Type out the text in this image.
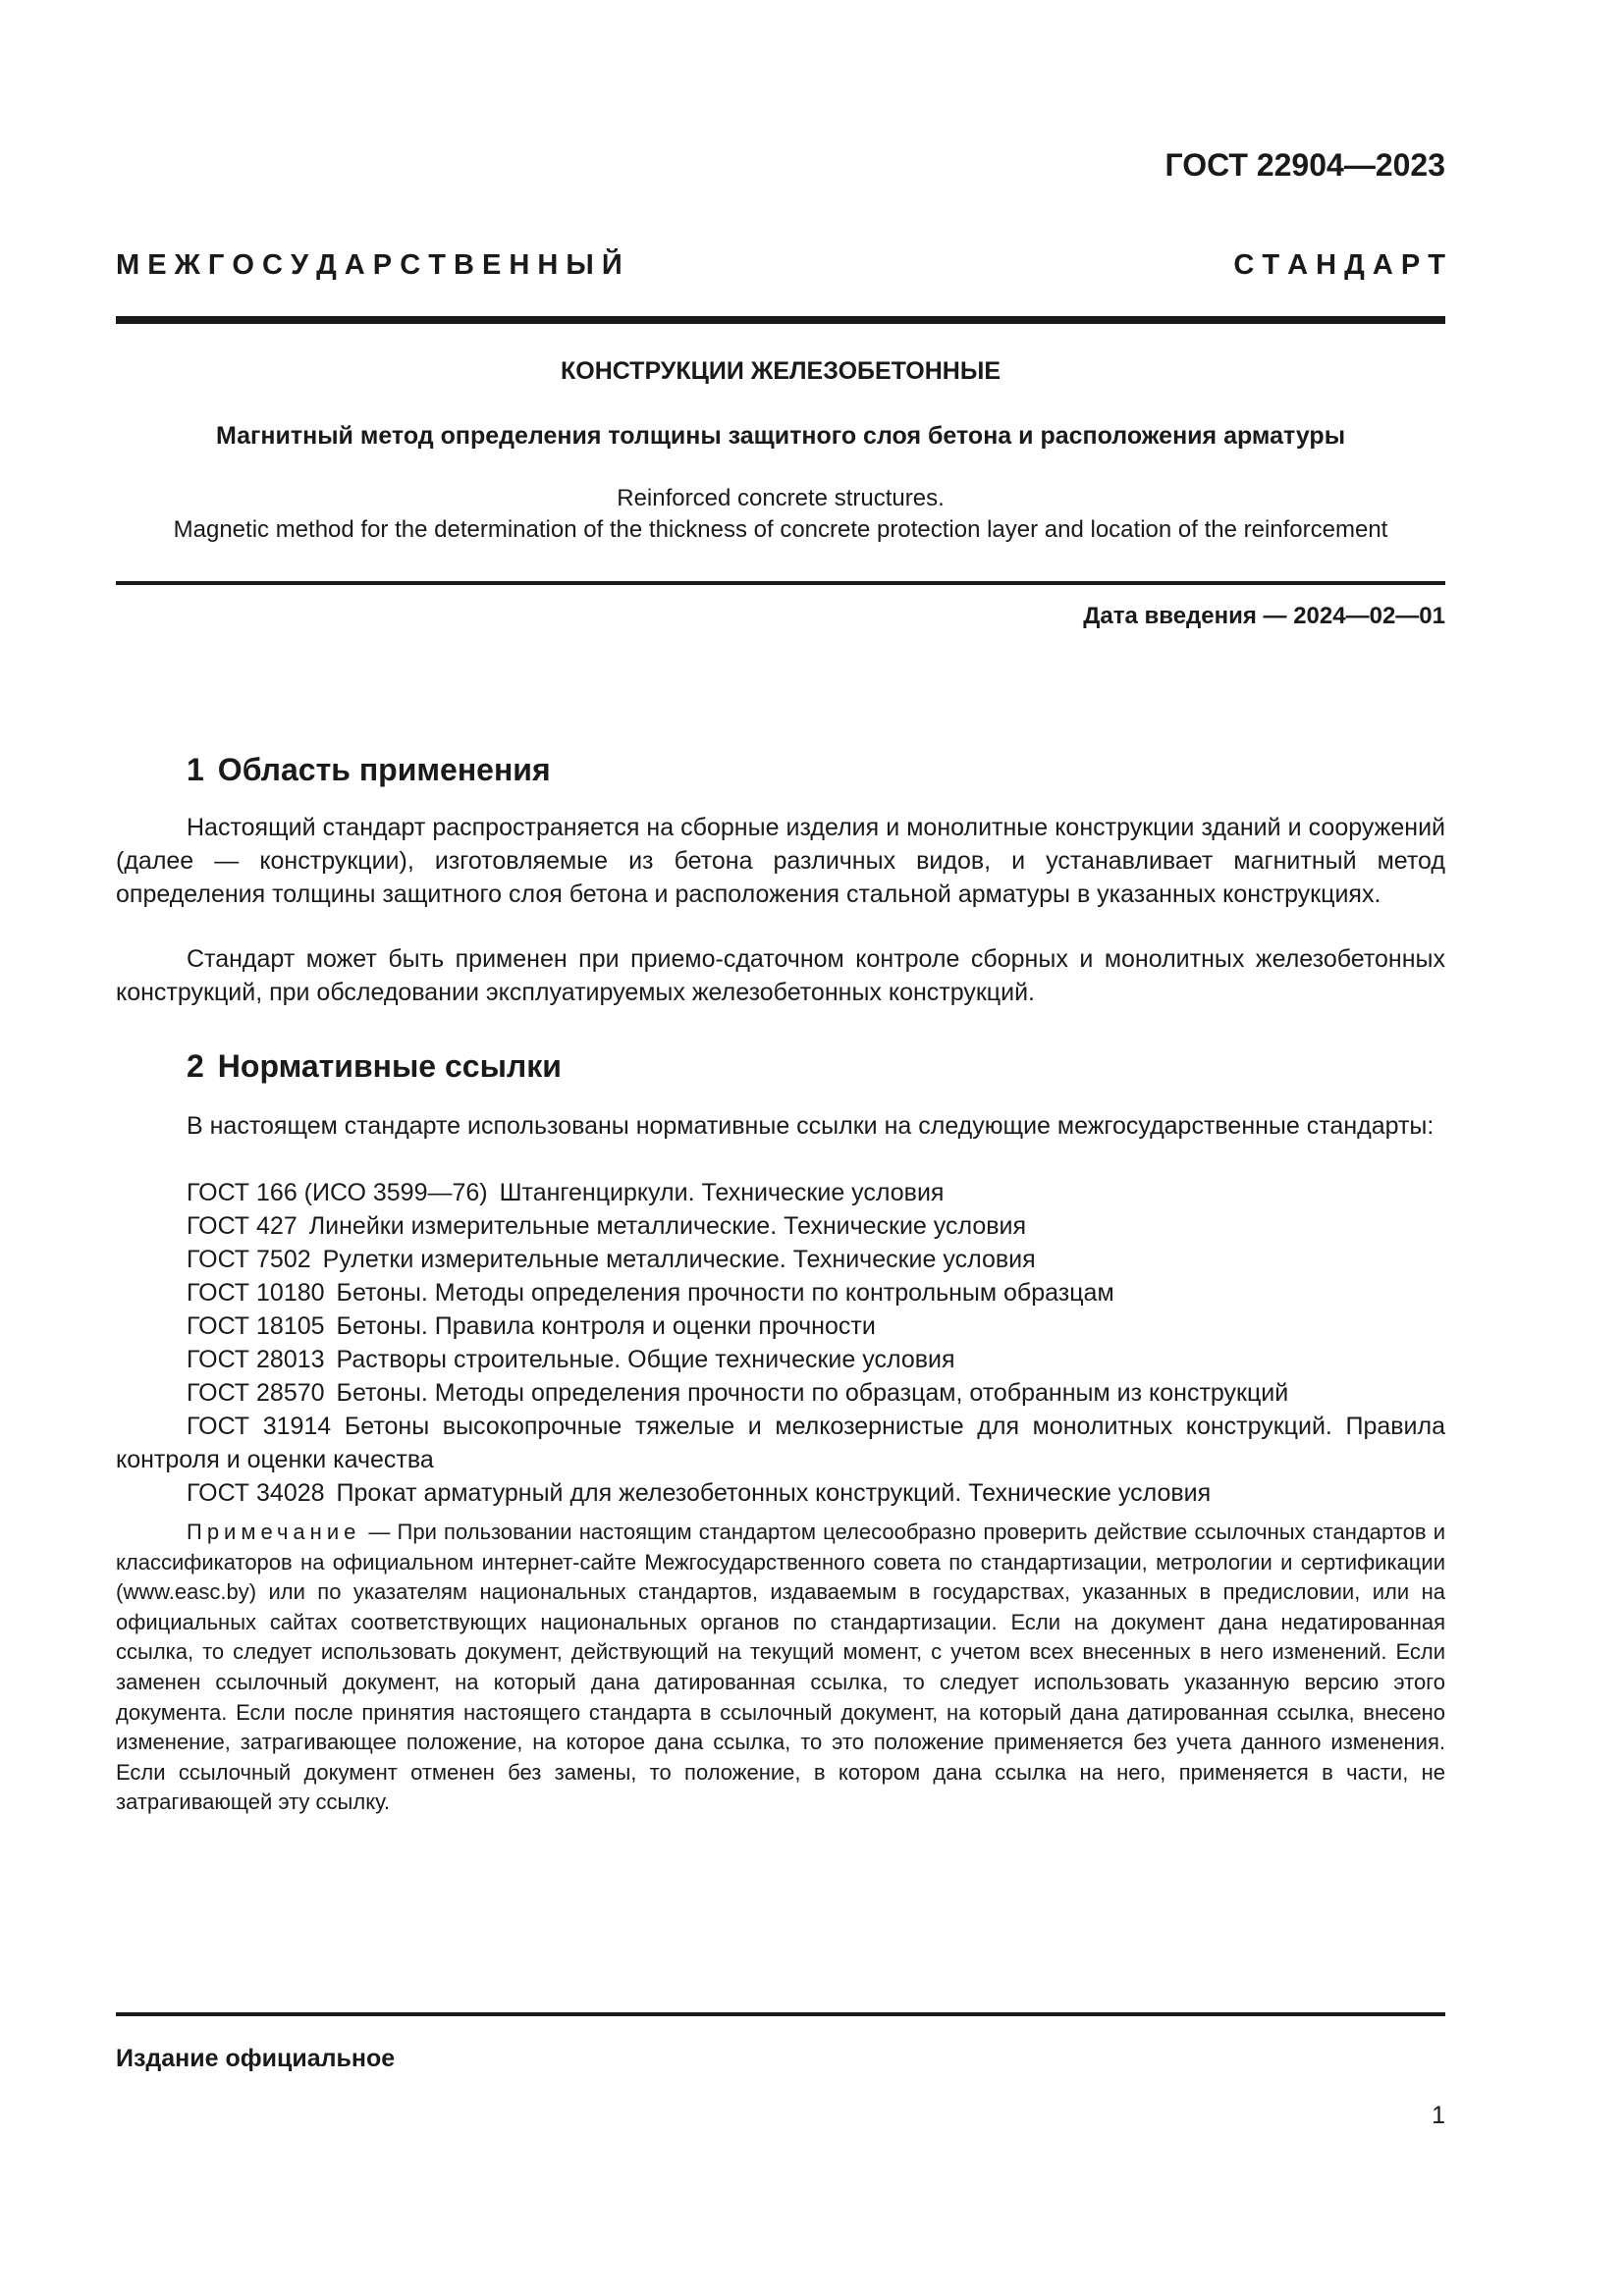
ГОСТ 22904—2023
М Е Ж Г О С У Д А Р С Т В Е Н Н Ы Й	С Т А Н Д А Р Т
КОНСТРУКЦИИ ЖЕЛЕЗОБЕТОННЫЕ
Магнитный метод определения толщины защитного слоя бетона и расположения арматуры
Reinforced concrete structures.
Magnetic method for the determination of the thickness of concrete protection layer and location of the reinforcement
Дата введения — 2024—02—01
1 Область применения
Настоящий стандарт распространяется на сборные изделия и монолитные конструкции зданий и сооружений (далее — конструкции), изготовляемые из бетона различных видов, и устанавливает магнитный метод определения толщины защитного слоя бетона и расположения стальной арматуры в указанных конструкциях.
Стандарт может быть применен при приемо-сдаточном контроле сборных и монолитных железобетонных конструкций, при обследовании эксплуатируемых железобетонных конструкций.
2 Нормативные ссылки
В настоящем стандарте использованы нормативные ссылки на следующие межгосударственные стандарты:
ГОСТ 166 (ИСО 3599—76) Штангенциркули. Технические условия
ГОСТ 427 Линейки измерительные металлические. Технические условия
ГОСТ 7502 Рулетки измерительные металлические. Технические условия
ГОСТ 10180 Бетоны. Методы определения прочности по контрольным образцам
ГОСТ 18105 Бетоны. Правила контроля и оценки прочности
ГОСТ 28013 Растворы строительные. Общие технические условия
ГОСТ 28570 Бетоны. Методы определения прочности по образцам, отобранным из конструкций
ГОСТ 31914 Бетоны высокопрочные тяжелые и мелкозернистые для монолитных конструкций. Правила контроля и оценки качества
ГОСТ 34028 Прокат арматурный для железобетонных конструкций. Технические условия
Примечание — При пользовании настоящим стандартом целесообразно проверить действие ссылочных стандартов и классификаторов на официальном интернет-сайте Межгосударственного совета по стандартизации, метрологии и сертификации (www.easc.by) или по указателям национальных стандартов, издаваемым в государствах, указанных в предисловии, или на официальных сайтах соответствующих национальных органов по стандартизации. Если на документ дана недатированная ссылка, то следует использовать документ, действующий на текущий момент, с учетом всех внесенных в него изменений. Если заменен ссылочный документ, на который дана датированная ссылка, то следует использовать указанную версию этого документа. Если после принятия настоящего стандарта в ссылочный документ, на который дана датированная ссылка, внесено изменение, затрагивающее положение, на которое дана ссылка, то это положение применяется без учета данного изменения. Если ссылочный документ отменен без замены, то положение, в котором дана ссылка на него, применяется в части, не затрагивающей эту ссылку.
Издание официальное
1
